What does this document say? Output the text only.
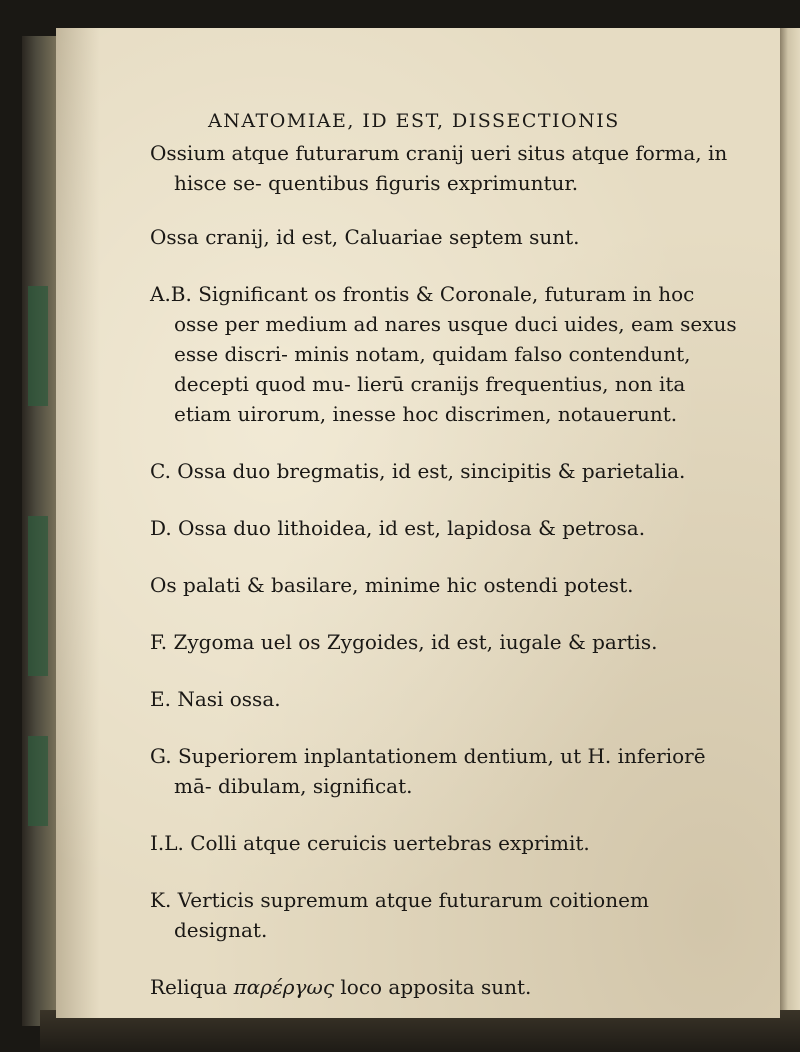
ANATOMIAE, ID EST, DISSECTIONIS

Ossium atque futurarum cranij ueri situs atque forma, in hisce se- quentibus figuris exprimuntur.

Ossa cranij, id est, Caluariae septem sunt.

A.B. Significant os frontis & Coronale, futuram in hoc osse per medium ad nares usque duci uides, eam sexus esse discri- minis notam, quidam falso contendunt, decepti quod mu- lierū cranijs frequentius, non ita etiam uirorum, inesse hoc discrimen, notauerunt.

C. Ossa duo bregmatis, id est, sincipitis & parietalia.

D. Ossa duo lithoidea, id est, lapidosa & petrosa.

Os palati & basilare, minime hic ostendi potest.

F. Zygoma uel os Zygoides, id est, iugale & partis.

E. Nasi ossa.

G. Superiorem inplantationem dentium, ut H. inferiorē mā- dibulam, significat.

I.L. Colli atque ceruicis uertebras exprimit.

K. Verticis supremum atque futurarum coitionem designat.

Reliqua παρέργως loco apposita sunt.
